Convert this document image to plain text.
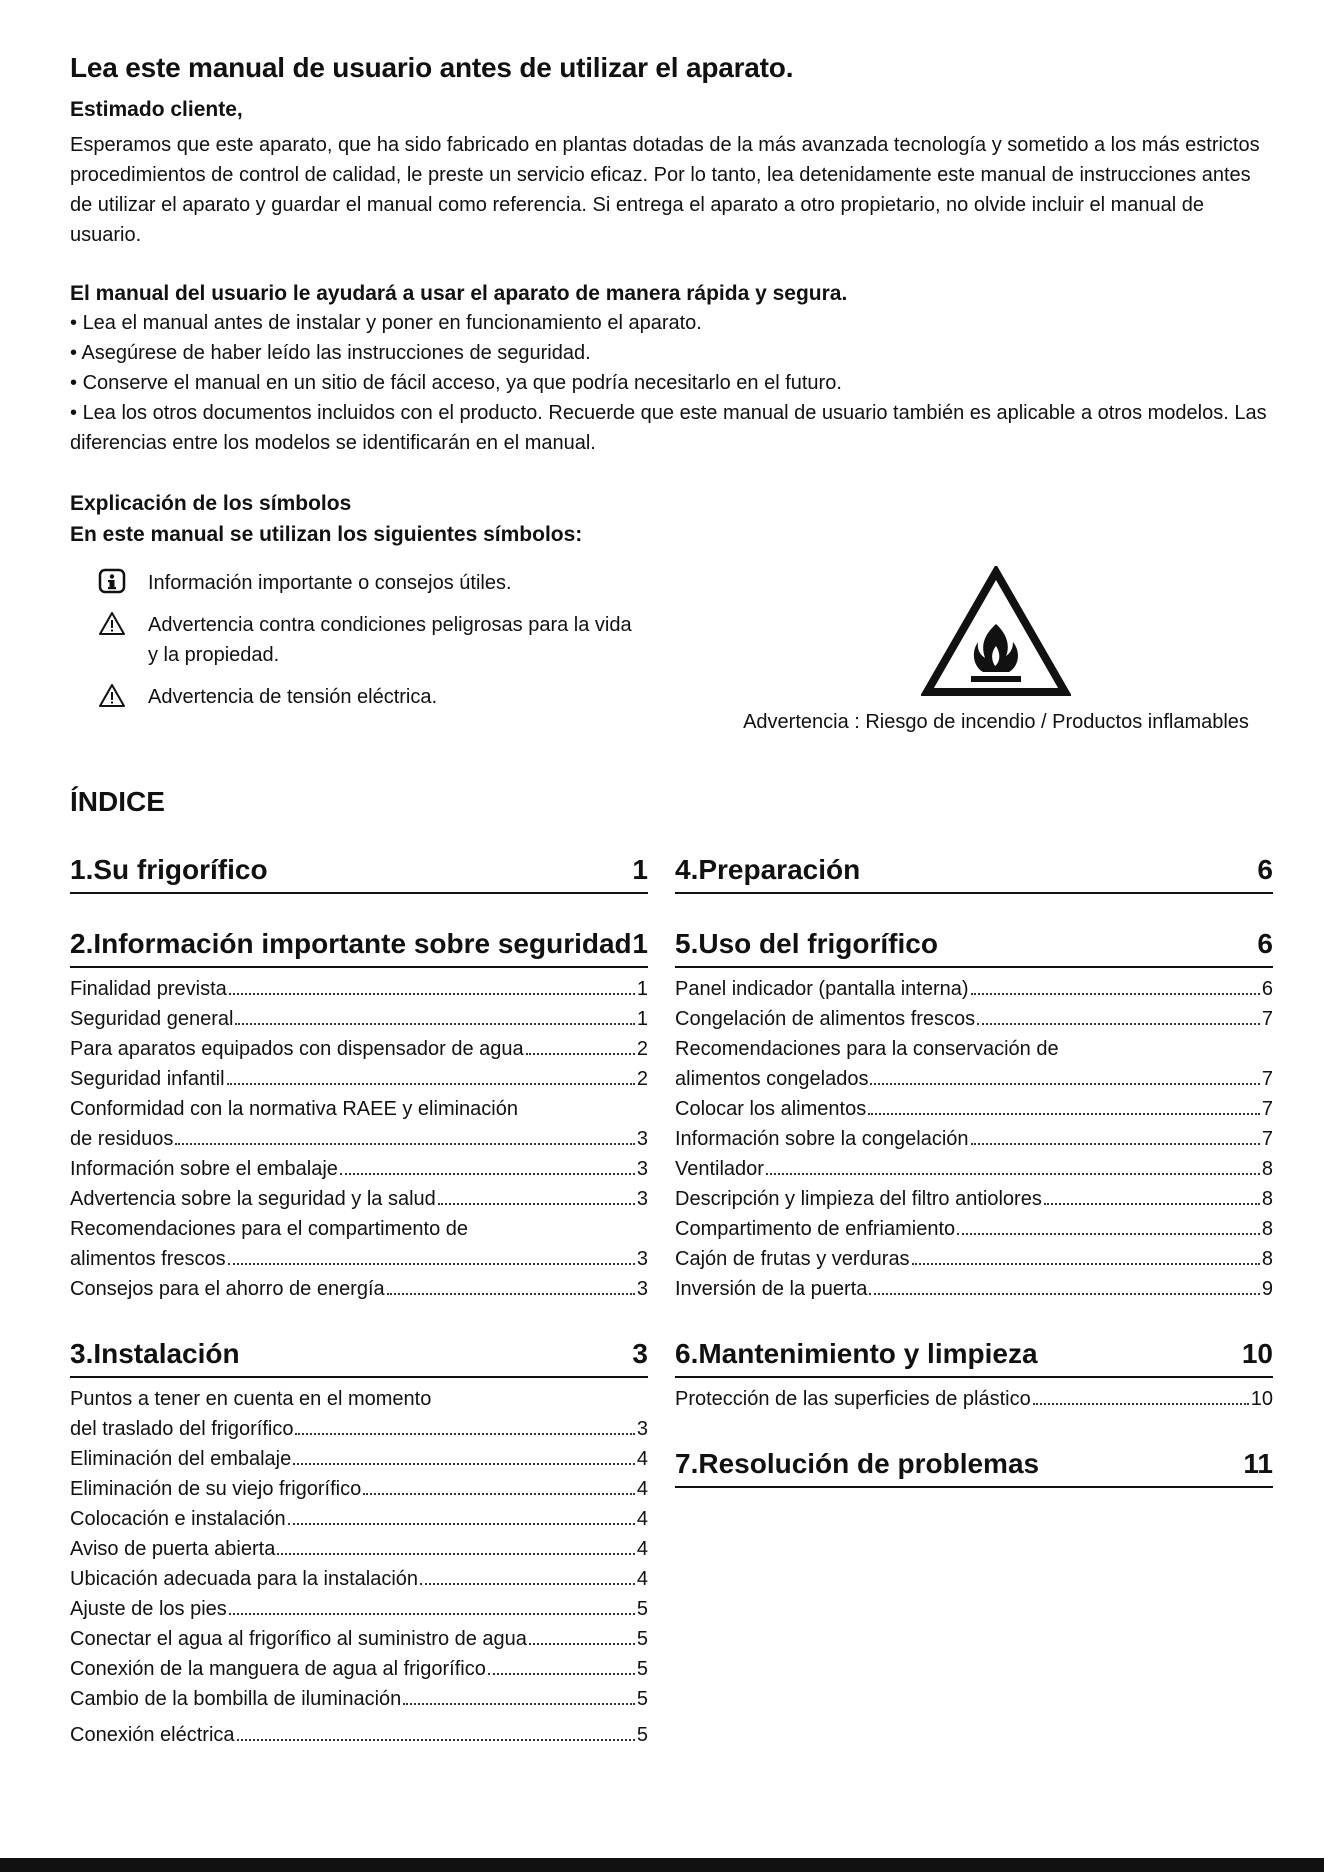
Lea este manual de usuario antes de utilizar el aparato.
Estimado cliente,

Esperamos que este aparato, que ha sido fabricado en plantas dotadas de la más avanzada tecnología y sometido a los más estrictos procedimientos de control de calidad, le preste un servicio eficaz. Por lo tanto, lea detenidamente este manual de instrucciones antes de utilizar el aparato y guardar el manual como referencia. Si entrega el aparato a otro propietario, no olvide incluir el manual de usuario.

El manual del usuario le ayudará a usar el aparato de manera rápida y segura.
• Lea el manual antes de instalar y poner en funcionamiento el aparato.
• Asegúrese de haber leído las instrucciones de seguridad.
• Conserve el manual en un sitio de fácil acceso, ya que podría necesitarlo en el futuro.
• Lea los otros documentos incluidos con el producto. Recuerde que este manual de usuario también es aplicable a otros modelos. Las diferencias entre los modelos se identificarán en el manual.
Explicación de los símbolos
En este manual se utilizan los siguientes símbolos:
Información importante o consejos útiles.
Advertencia contra condiciones peligrosas para la vida y la propiedad.
Advertencia de tensión eléctrica.
Advertencia : Riesgo de incendio / Productos inflamables
ÍNDICE
1.Su frigorífico	1
2.Información importante sobre seguridad 1
Finalidad prevista	1
Seguridad general	1
Para aparatos equipados con dispensador de agua	2
Seguridad infantil	2
Conformidad con la normativa RAEE y eliminación
de residuos	3
Información sobre el embalaje	3
Advertencia sobre la seguridad y la salud	3
Recomendaciones para el compartimento de
alimentos frescos	3
Consejos para el ahorro de energía	3
3.Instalación	3
Puntos a tener en cuenta en el momento
del traslado del frigorífico	3
Eliminación del embalaje	4
Eliminación de su viejo frigorífico	4
Colocación e instalación	4
Aviso de puerta abierta	4
Ubicación adecuada para la instalación	4
Ajuste de los pies	5
Conectar el agua al frigorífico al suministro de agua	5
Conexión de la manguera de agua al frigorífico	5
Cambio de la bombilla de iluminación	5
Conexión eléctrica	5
4.Preparación	6
5.Uso del frigorífico	6
Panel indicador (pantalla interna)	6
Congelación de alimentos frescos	7
Recomendaciones para la conservación de
alimentos congelados	7
Colocar los alimentos	7
Información sobre la congelación	7
Ventilador	8
Descripción y limpieza del filtro antiolores	8
Compartimento de enfriamiento	8
Cajón de frutas y verduras	8
Inversión de la puerta	9
6.Mantenimiento y limpieza	10
Protección de las superficies de plástico	10
7.Resolución de problemas	11
